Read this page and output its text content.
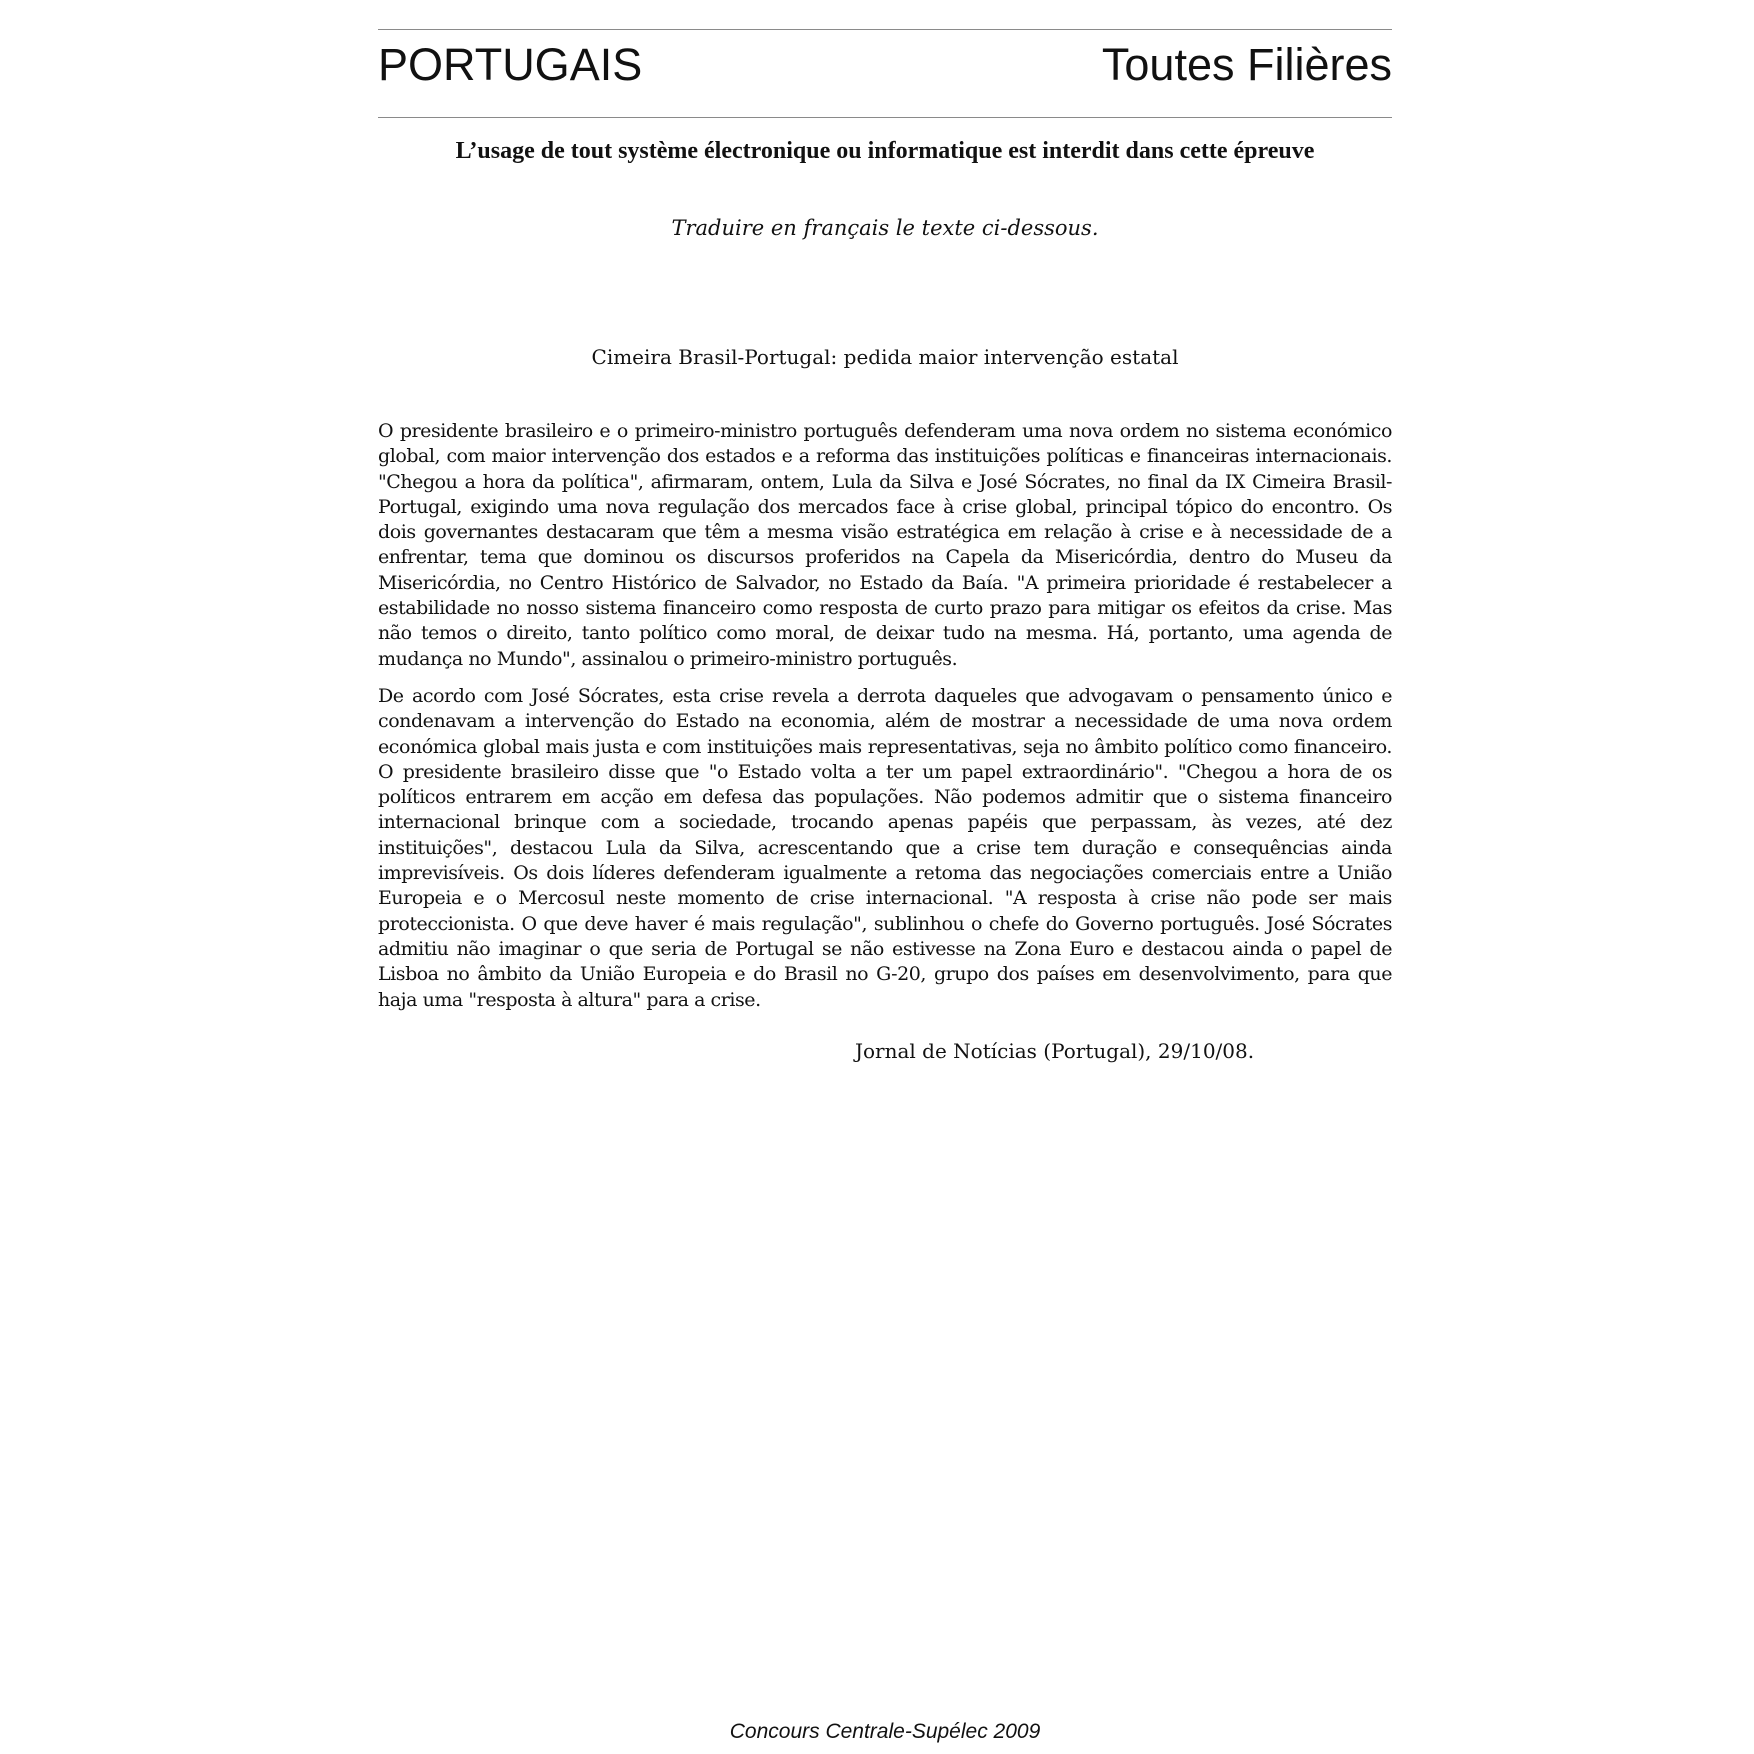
PORTUGAIS	Toutes Filières
L’usage de tout système électronique ou informatique est interdit dans cette épreuve
Traduire en français le texte ci-dessous.
Cimeira Brasil-Portugal: pedida maior intervenção estatal

O presidente brasileiro e o primeiro-ministro português defenderam uma nova ordem no sistema económico global, com maior intervenção dos estados e a reforma das instituições políticas e financeiras internacionais. "Chegou a hora da política", afirmaram, ontem, Lula da Silva e José Sócrates, no final da IX Cimeira Brasil-Portugal, exigindo uma nova regulação dos mercados face à crise global, principal tópico do encontro. Os dois governantes destacaram que têm a mesma visão estratégica em relação à crise e à necessidade de a enfrentar, tema que dominou os discursos proferidos na Capela da Misericórdia, dentro do Museu da Misericórdia, no Centro Histórico de Salvador, no Estado da Baía. "A primeira prioridade é restabelecer a estabilidade no nosso sistema financeiro como resposta de curto prazo para mitigar os efeitos da crise. Mas não temos o direito, tanto político como moral, de deixar tudo na mesma. Há, portanto, uma agenda de mudança no Mundo", assinalou o primeiro-ministro português.

De acordo com José Sócrates, esta crise revela a derrota daqueles que advogavam o pensamento único e condenavam a intervenção do Estado na economia, além de mostrar a necessidade de uma nova ordem económica global mais justa e com instituições mais representativas, seja no âmbito político como financeiro. O presidente brasileiro disse que "o Estado volta a ter um papel extraordinário". "Chegou a hora de os políticos entrarem em acção em defesa das populações. Não podemos admitir que o sistema financeiro internacional brinque com a sociedade, trocando apenas papéis que perpassam, às vezes, até dez instituições", destacou Lula da Silva, acrescentando que a crise tem duração e consequências ainda imprevisíveis. Os dois líderes defenderam igualmente a retoma das negociações comerciais entre a União Europeia e o Mercosul neste momento de crise internacional. "A resposta à crise não pode ser mais proteccionista. O que deve haver é mais regulação", sublinhou o chefe do Governo português. José Sócrates admitiu não imaginar o que seria de Portugal se não estivesse na Zona Euro e destacou ainda o papel de Lisboa no âmbito da União Europeia e do Brasil no G-20, grupo dos países em desenvolvimento, para que haja uma "resposta à altura" para a crise.

Jornal de Notícias (Portugal), 29/10/08.
Concours Centrale-Supélec 2009
